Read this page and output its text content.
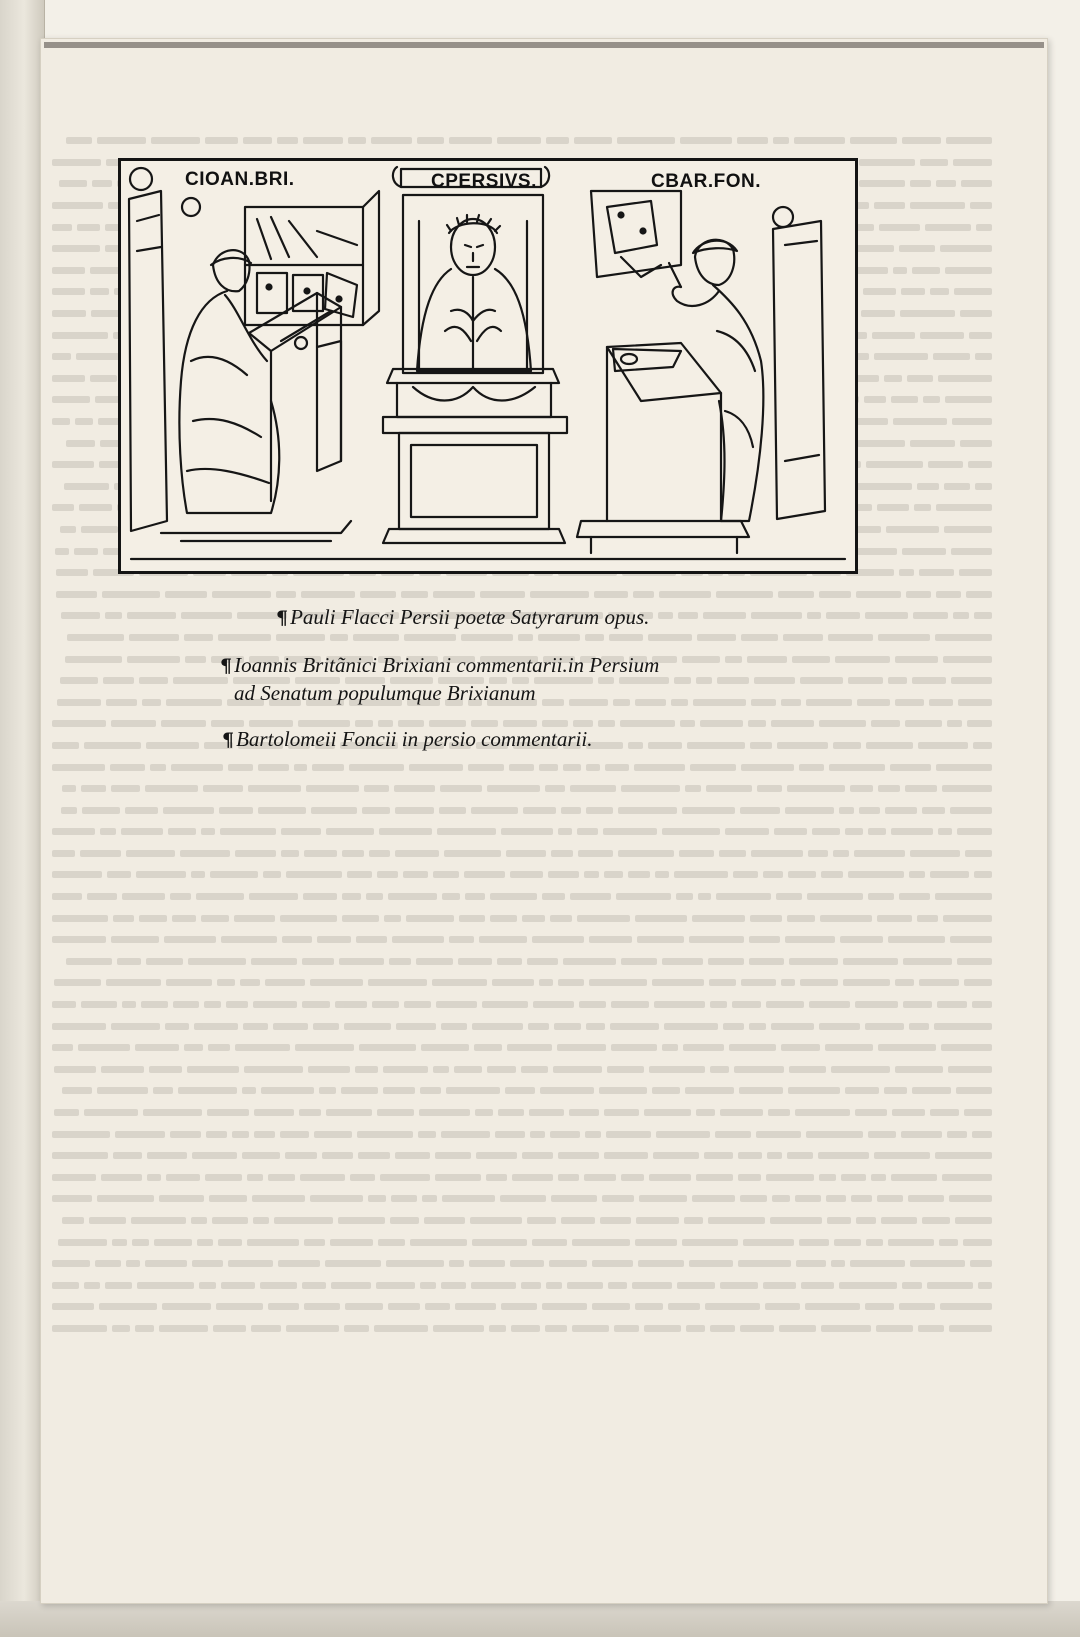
CIOAN.BRI.	CPERSIVS.	CBAR.FON.
¶Pauli Flacci Persii poetæ Satyrarum opus.
¶Ioannis Britãnici Brixiani commentarii.in Persium
ad Senatum populumque Brixianum
¶Bartolomeii Foncii in persio commentarii.
